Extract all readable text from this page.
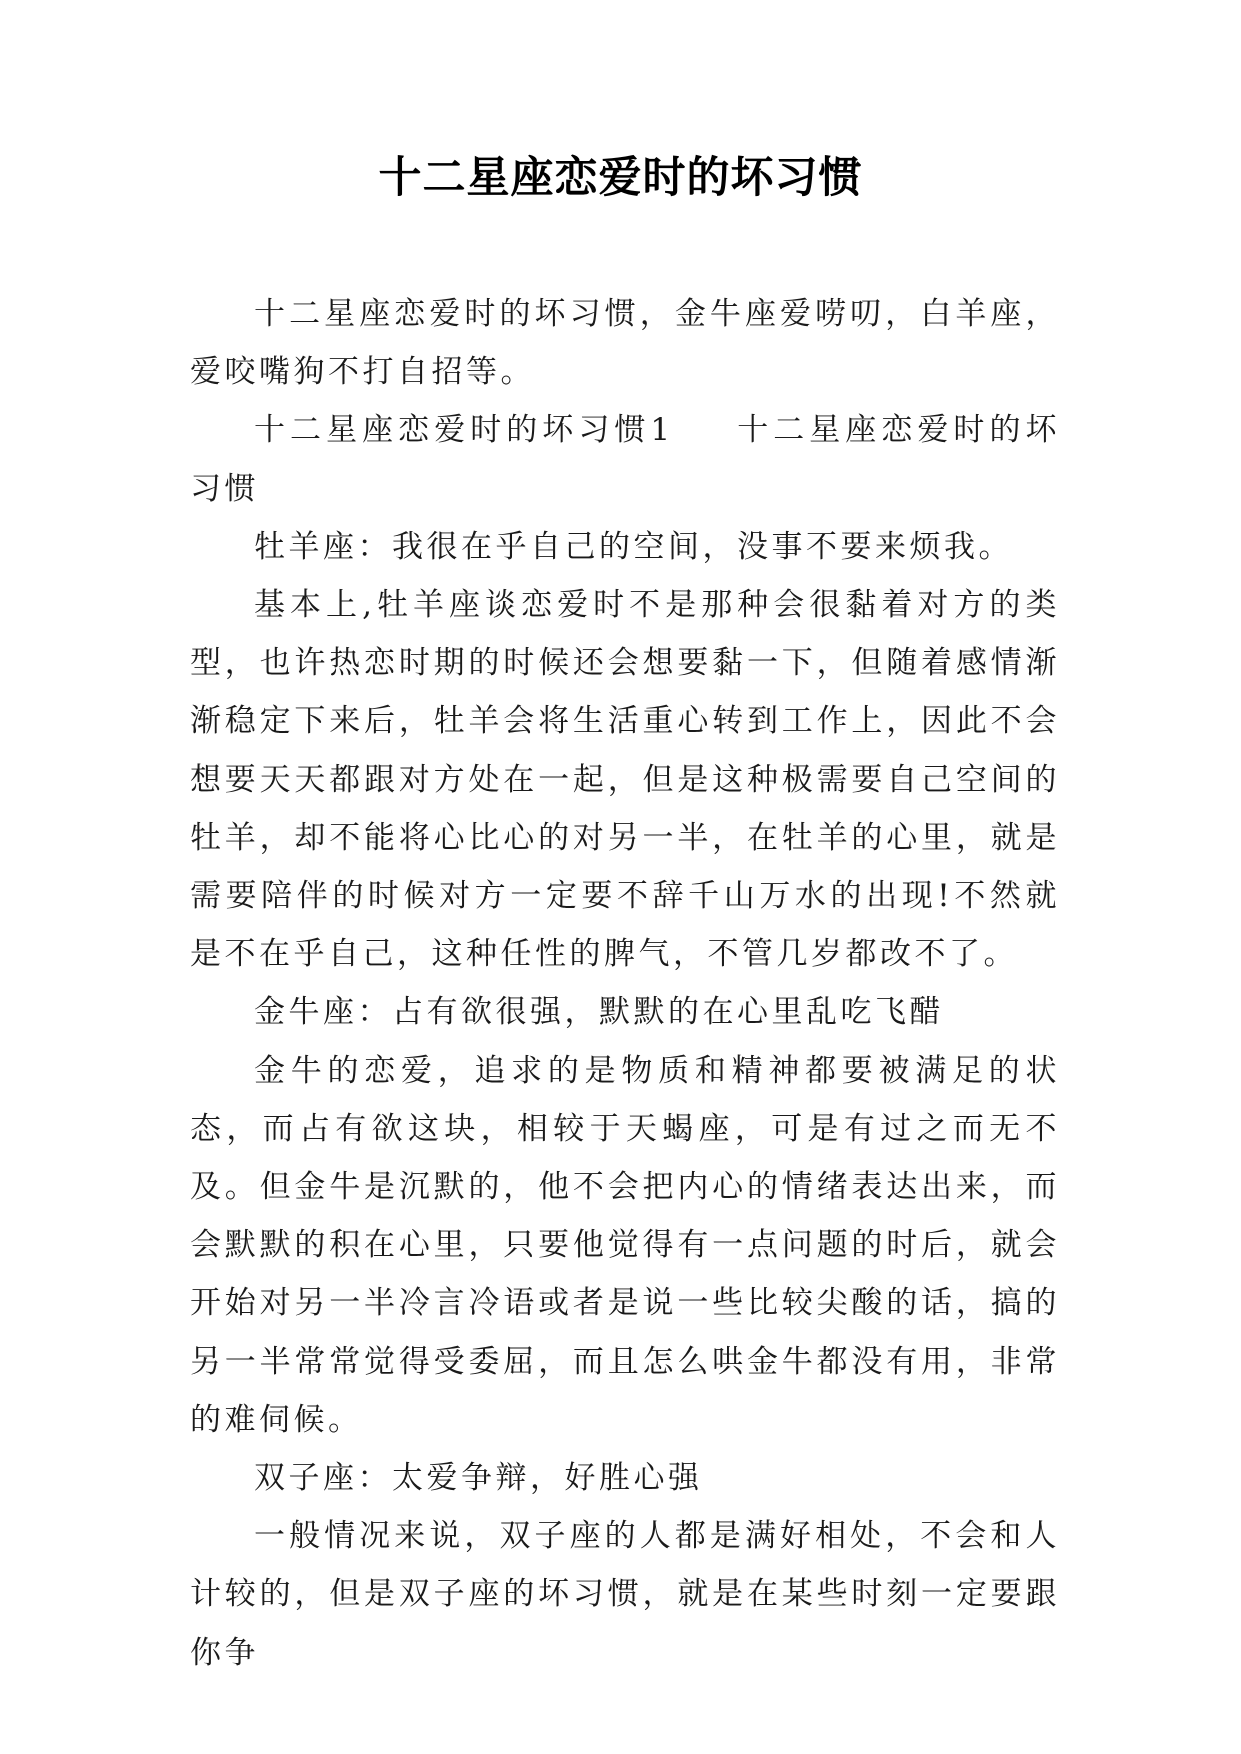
十二星座恋爱时的坏习惯

十二星座恋爱时的坏习惯，金牛座爱唠叨，白羊座，爱咬嘴狗不打自招等。

十二星座恋爱时的坏习惯1 十二星座恋爱时的坏习惯

牡羊座：我很在乎自己的空间，没事不要来烦我。

基本上,牡羊座谈恋爱时不是那种会很黏着对方的类型，也许热恋时期的时候还会想要黏一下，但随着感情渐渐稳定下来后，牡羊会将生活重心转到工作上，因此不会想要天天都跟对方处在一起，但是这种极需要自己空间的牡羊，却不能将心比心的对另一半，在牡羊的心里，就是需要陪伴的时候对方一定要不辞千山万水的出现!不然就是不在乎自己，这种任性的脾气，不管几岁都改不了。

金牛座：占有欲很强，默默的在心里乱吃飞醋

金牛的恋爱，追求的是物质和精神都要被满足的状态，而占有欲这块，相较于天蝎座，可是有过之而无不及。但金牛是沉默的，他不会把内心的情绪表达出来，而会默默的积在心里，只要他觉得有一点问题的时后，就会开始对另一半冷言冷语或者是说一些比较尖酸的话，搞的另一半常常觉得受委屈，而且怎么哄金牛都没有用，非常的难伺候。

双子座：太爱争辩，好胜心强

一般情况来说，双子座的人都是满好相处，不会和人计较的，但是双子座的坏习惯，就是在某些时刻一定要跟你争
